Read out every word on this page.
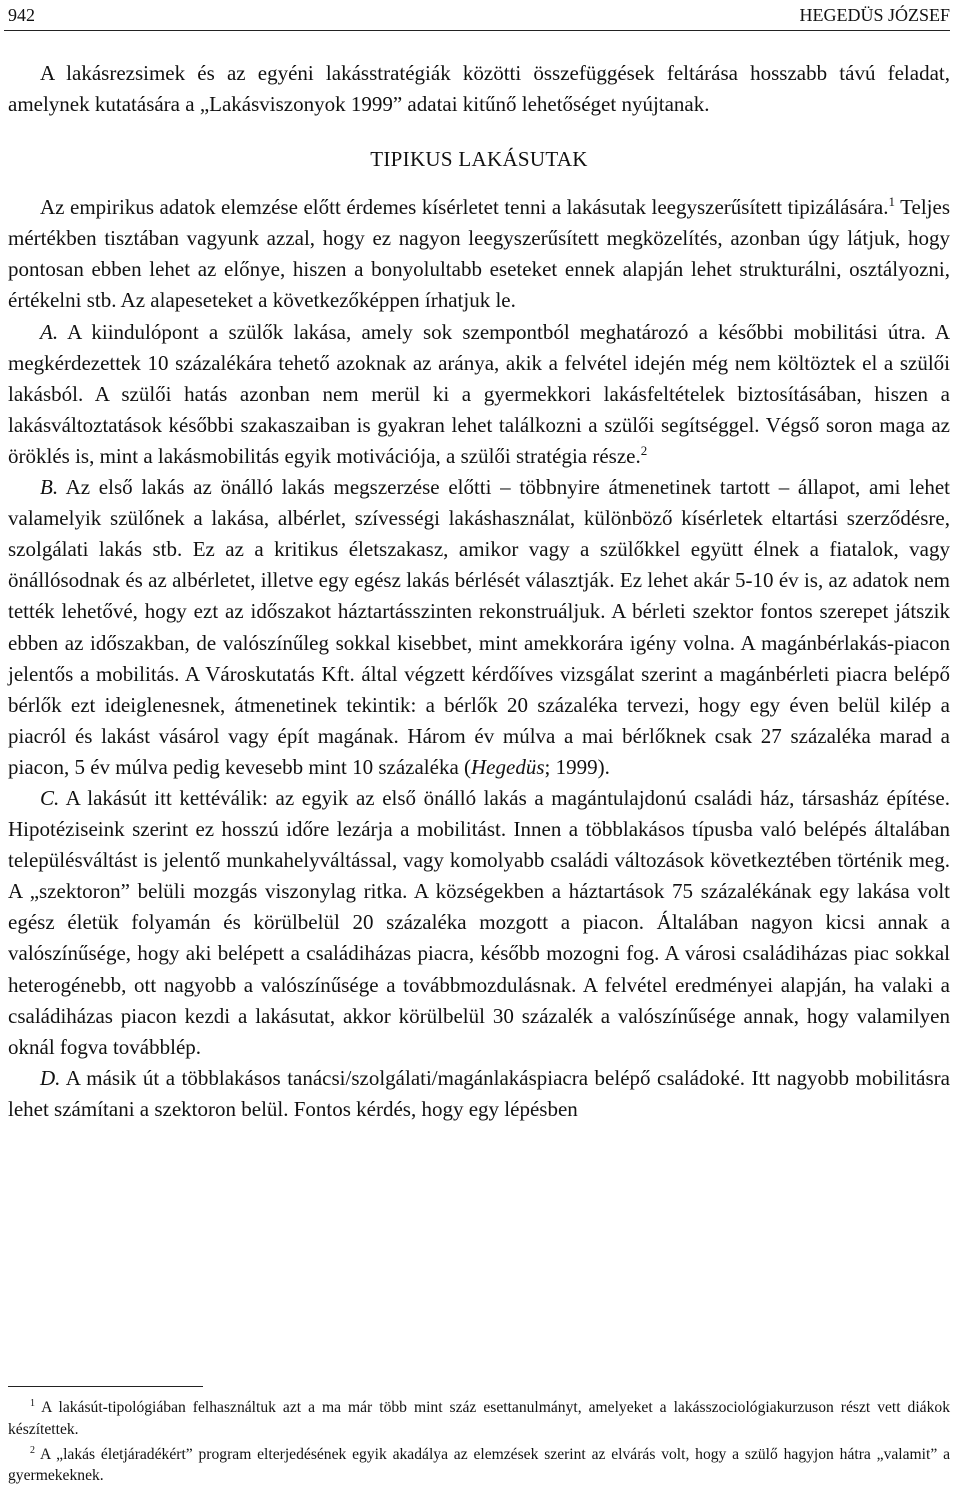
942	HEGEDÜS JÓZSEF

A lakásrezsimek és az egyéni lakásstratégiák közötti összefüggések feltárása hosszabb távú feladat, amelynek kutatására a „Lakásviszonyok 1999” adatai kitűnő lehetőséget nyújtanak.

TIPIKUS LAKÁSUTAK

Az empirikus adatok elemzése előtt érdemes kísérletet tenni a lakásutak leegyszerűsített tipizálására.$^1$ Teljes mértékben tisztában vagyunk azzal, hogy ez nagyon leegyszerűsített megközelítés, azonban úgy látjuk, hogy pontosan ebben lehet az előnye, hiszen a bonyolultabb eseteket ennek alapján lehet strukturálni, osztályozni, értékelni stb. Az alapeseteket a következőképpen írhatjuk le.

A. A kiindulópont a szülők lakása, amely sok szempontból meghatározó a későbbi mobilitási útra. A megkérdezettek 10 százalékára tehető azoknak az aránya, akik a felvétel idején még nem költöztek el a szülői lakásból. A szülői hatás azonban nem merül ki a gyermekkori lakásfeltételek biztosításában, hiszen a lakásváltoztatások későbbi szakaszaiban is gyakran lehet találkozni a szülői segítséggel. Végső soron maga az öröklés is, mint a lakásmobilitás egyik motivációja, a szülői stratégia része.$^2$

B. Az első lakás az önálló lakás megszerzése előtti – többnyire átmenetinek tartott – állapot, ami lehet valamelyik szülőnek a lakása, albérlet, szívességi lakáshasználat, különböző kísérletek eltartási szerződésre, szolgálati lakás stb. Ez az a kritikus életszakasz, amikor vagy a szülőkkel együtt élnek a fiatalok, vagy önállósodnak és az albérletet, illetve egy egész lakás bérlését választják. Ez lehet akár 5-10 év is, az adatok nem tették lehetővé, hogy ezt az időszakot háztartásszinten rekonstruáljuk. A bérleti szektor fontos szerepet játszik ebben az időszakban, de valószínűleg sokkal kisebbet, mint amekkorára igény volna. A magánbérlakás-piacon jelentős a mobilitás. A Városkutatás Kft. által végzett kérdőíves vizsgálat szerint a magánbérleti piacra belépő bérlők ezt ideiglenesnek, átmenetinek tekintik: a bérlők 20 százaléka tervezi, hogy egy éven belül kilép a piacról és lakást vásárol vagy épít magának. Három év múlva a mai bérlőknek csak 27 százaléka marad a piacon, 5 év múlva pedig kevesebb mint 10 százaléka (Hegedüs; 1999).

C. A lakásút itt kettéválik: az egyik az első önálló lakás a magántulajdonú családi ház, társasház építése. Hipotéziseink szerint ez hosszú időre lezárja a mobilitást. Innen a többlakásos típusba való belépés általában településváltást is jelentő munkahelyváltással, vagy komolyabb családi változások következtében történik meg. A „szektoron” belüli mozgás viszonylag ritka. A községekben a háztartások 75 százalékának egy lakása volt egész életük folyamán és körülbelül 20 százaléka mozgott a piacon. Általában nagyon kicsi annak a valószínűsége, hogy aki belépett a családiházas piacra, később mozogni fog. A városi családiházas piac sokkal heterogénebb, ott nagyobb a valószínűsége a továbbmozdulásnak. A felvétel eredményei alapján, ha valaki a családiházas piacon kezdi a lakásutat, akkor körülbelül 30 százalék a valószínűsége annak, hogy valamilyen oknál fogva továbblép.

D. A másik út a többlakásos tanácsi/szolgálati/magánlakáspiacra belépő családoké. Itt nagyobb mobilitásra lehet számítani a szektoron belül. Fontos kérdés, hogy egy lépésben

$^1$ A lakásút-tipológiában felhasználtuk azt a ma már több mint száz esettanulmányt, amelyeket a lakásszociológiakurzuson részt vett diákok készítettek.

$^2$ A „lakás életjáradékért” program elterjedésének egyik akadálya az elemzések szerint az elvárás volt, hogy a szülő hagyjon hátra „valamit” a gyermekeknek.
